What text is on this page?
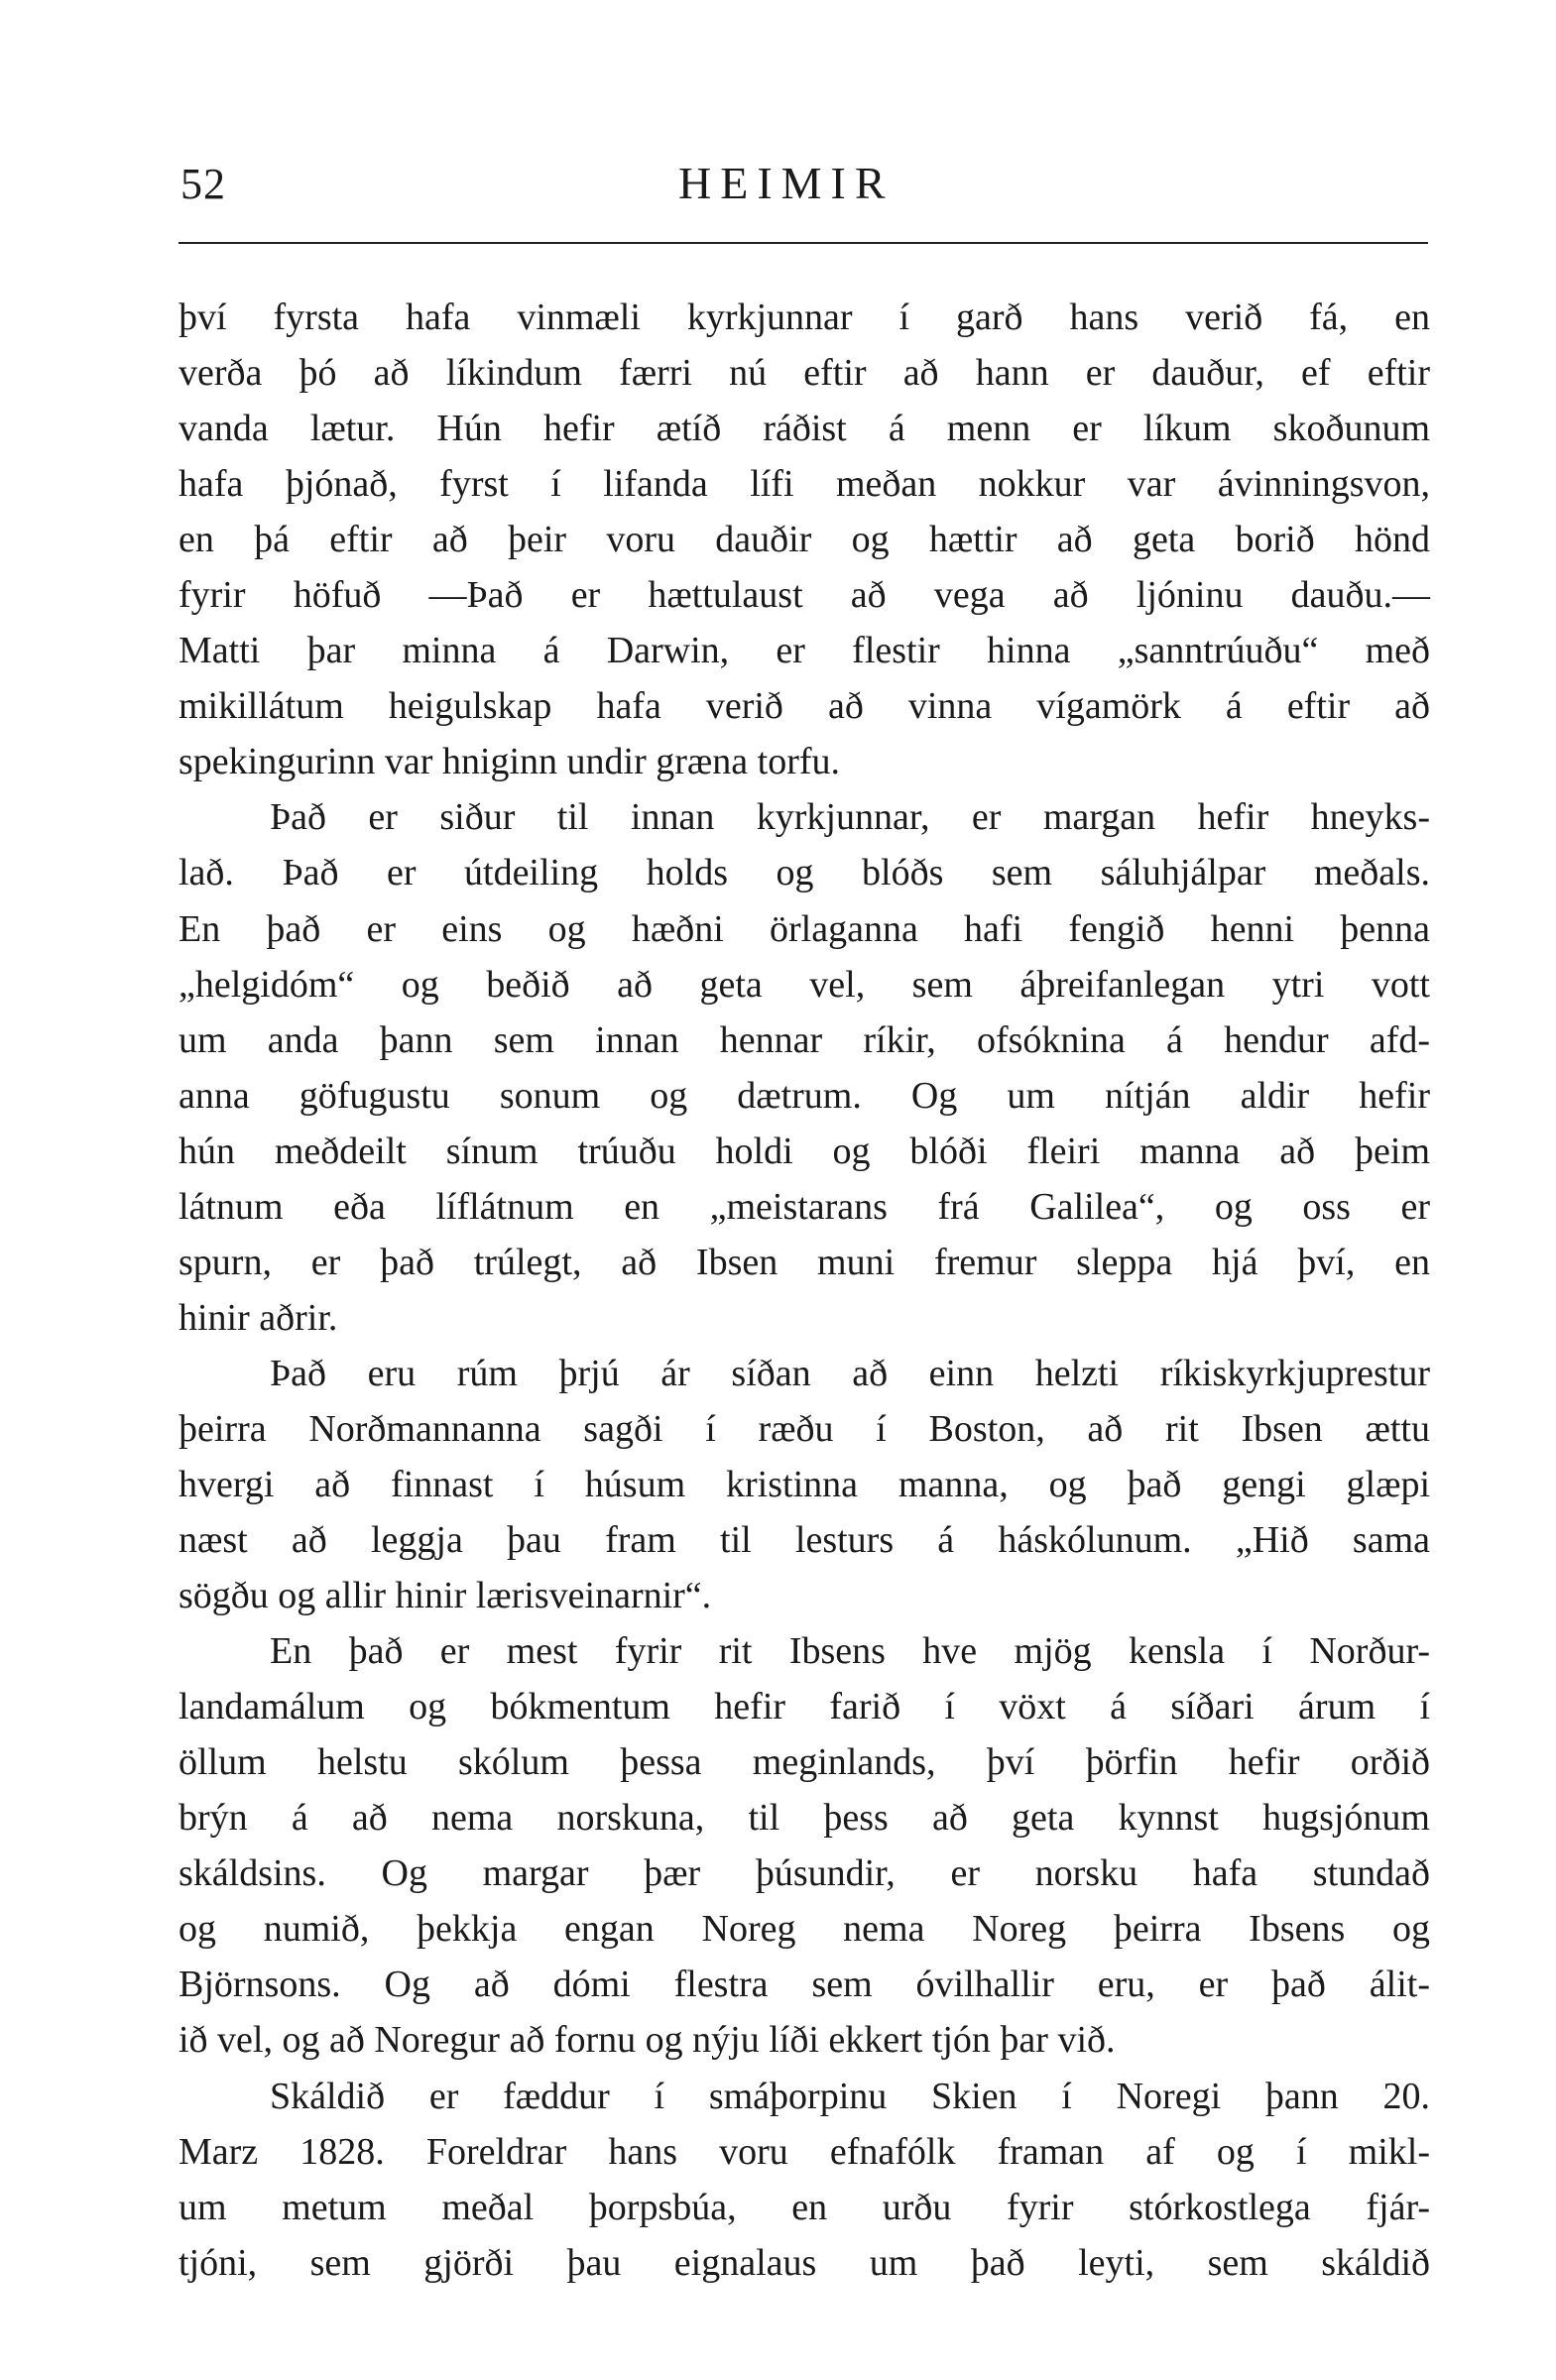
52	HEIMIR
því fyrsta hafa vinmæli kyrkjunnar í garð hans verið fá, en
verða þó að líkindum færri nú eftir að hann er dauður, ef eftir
vanda lætur. Hún hefir ætíð ráðist á menn er líkum skoðunum
hafa þjónað, fyrst í lifanda lífi meðan nokkur var ávinningsvon,
en þá eftir að þeir voru dauðir og hættir að geta borið hönd
fyrir höfuð —Það er hættulaust að vega að ljóninu dauðu.—
Matti þar minna á Darwin, er flestir hinna „sanntrúuðu“ með
mikillátum heigulskap hafa verið að vinna vígamörk á eftir að
spekingurinn var hniginn undir græna torfu.
Það er siður til innan kyrkjunnar, er margan hefir hneyks-
lað. Það er útdeiling holds og blóðs sem sáluhjálpar meðals.
En það er eins og hæðni örlaganna hafi fengið henni þenna
„helgidóm“ og beðið að geta vel, sem áþreifanlegan ytri vott
um anda þann sem innan hennar ríkir, ofsóknina á hendur afd-
anna göfugustu sonum og dætrum. Og um nítján aldir hefir
hún meðdeilt sínum trúuðu holdi og blóði fleiri manna að þeim
látnum eða líflátnum en „meistarans frá Galilea“, og oss er
spurn, er það trúlegt, að Ibsen muni fremur sleppa hjá því, en
hinir aðrir.
Það eru rúm þrjú ár síðan að einn helzti ríkiskyrkjuprestur
þeirra Norðmannanna sagði í ræðu í Boston, að rit Ibsen ættu
hvergi að finnast í húsum kristinna manna, og það gengi glæpi
næst að leggja þau fram til lesturs á háskólunum. „Hið sama
sögðu og allir hinir lærisveinarnir“.
En það er mest fyrir rit Ibsens hve mjög kensla í Norður-
landamálum og bókmentum hefir farið í vöxt á síðari árum í
öllum helstu skólum þessa meginlands, því þörfin hefir orðið
brýn á að nema norskuna, til þess að geta kynnst hugsjónum
skáldsins. Og margar þær þúsundir, er norsku hafa stundað
og numið, þekkja engan Noreg nema Noreg þeirra Ibsens og
Björnsons. Og að dómi flestra sem óvilhallir eru, er það álit-
ið vel, og að Noregur að fornu og nýju líði ekkert tjón þar við.
Skáldið er fæddur í smáþorpinu Skien í Noregi þann 20.
Marz 1828. Foreldrar hans voru efnafólk framan af og í mikl-
um metum meðal þorpsbúa, en urðu fyrir stórkostlega fjár-
tjóni, sem gjörði þau eignalaus um það leyti, sem skáldið
